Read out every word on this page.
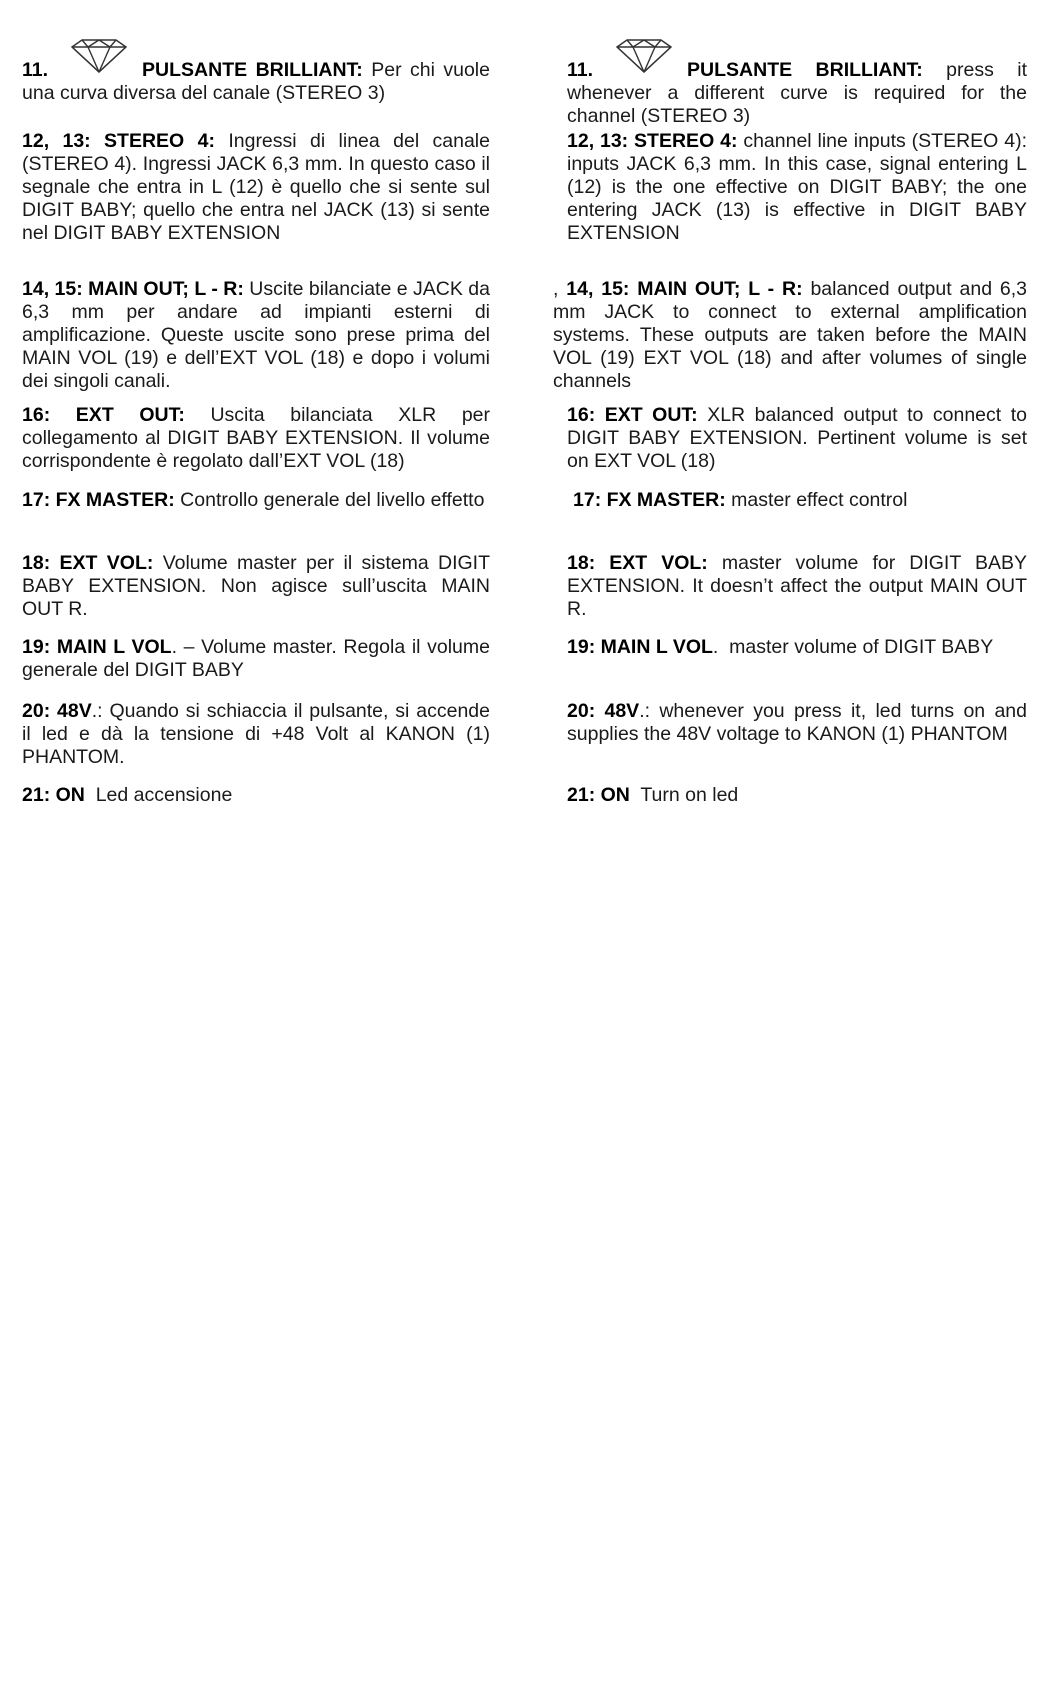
11.	PULSANTE BRILLIANT: Per chi vuole una curva diversa del canale (STEREO 3)

12, 13: STEREO 4: Ingressi di linea del canale (STEREO 4). Ingressi JACK 6,3 mm. In questo caso il segnale che entra in L (12) è quello che si sente sul DIGIT BABY; quello che entra nel JACK (13) si sente nel DIGIT BABY EXTENSION

14, 15: MAIN OUT; L - R: Uscite bilanciate e JACK da 6,3 mm per andare ad impianti esterni di amplificazione. Queste uscite sono prese prima del MAIN VOL (19) e dell’EXT VOL (18) e dopo i volumi dei singoli canali.

16: EXT OUT: Uscita bilanciata XLR per collegamento al DIGIT BABY EXTENSION. Il volume corrispondente è regolato dall’EXT VOL (18)

17: FX MASTER: Controllo generale del livello effetto

18: EXT VOL: Volume master per il sistema DIGIT BABY EXTENSION. Non agisce sull’uscita MAIN OUT R.

19: MAIN L VOL. – Volume master. Regola il volume generale del DIGIT BABY

20: 48V.: Quando si schiaccia il pulsante, si accende il led e dà la tensione di +48 Volt al KANON (1) PHANTOM.

21: ON  Led accensione

11.	PULSANTE BRILLIANT: press it whenever a different curve is required for the channel (STEREO 3)

12, 13: STEREO 4: channel line inputs (STEREO 4): inputs JACK 6,3 mm. In this case, signal entering L (12) is the one effective on DIGIT BABY; the one entering JACK (13) is effective in DIGIT BABY EXTENSION

, 14, 15: MAIN OUT; L - R: balanced output and 6,3 mm JACK to connect to external amplification systems. These outputs are taken before the MAIN VOL (19) EXT VOL (18) and after volumes of single channels

16: EXT OUT: XLR balanced output to connect to DIGIT BABY EXTENSION. Pertinent volume is set on EXT VOL (18)

17: FX MASTER: master effect control

18: EXT VOL: master volume for DIGIT BABY EXTENSION. It doesn’t affect the output MAIN OUT R.

19: MAIN L VOL.  master volume of DIGIT BABY

20: 48V.: whenever you press it, led turns on and supplies the 48V voltage to KANON (1) PHANTOM

21: ON  Turn on led
